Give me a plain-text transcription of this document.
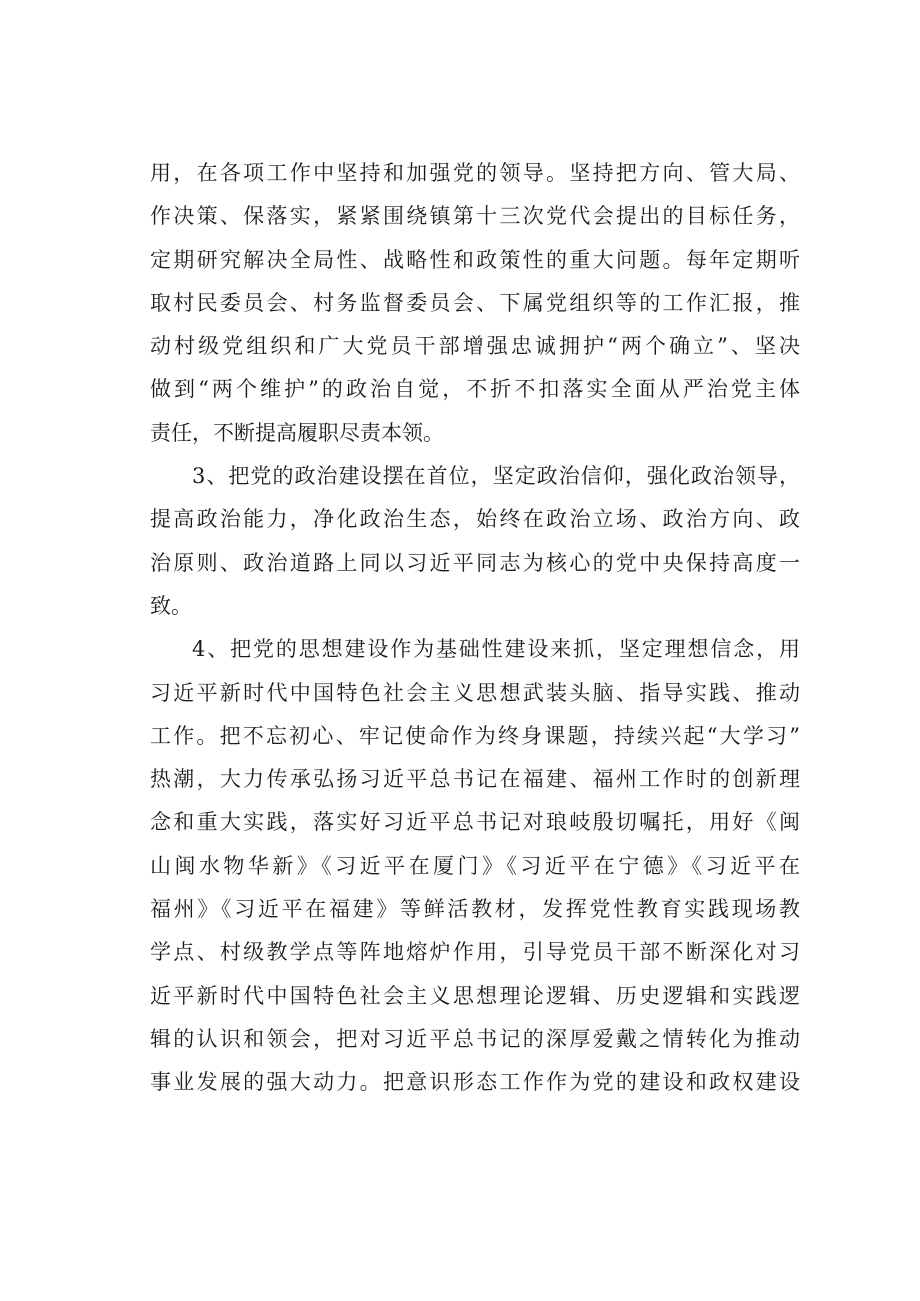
用，在各项工作中坚持和加强党的领导。坚持把方向、管大局、
作决策、保落实，紧紧围绕镇第十三次党代会提出的目标任务，
定期研究解决全局性、战略性和政策性的重大问题。每年定期听
取村民委员会、村务监督委员会、下属党组织等的工作汇报，推
动村级党组织和广大党员干部增强忠诚拥护“两个确立”、坚决
做到“两个维护”的政治自觉，不折不扣落实全面从严治党主体
责任，不断提高履职尽责本领。
3、把党的政治建设摆在首位，坚定政治信仰，强化政治领导，
提高政治能力，净化政治生态，始终在政治立场、政治方向、政
治原则、政治道路上同以习近平同志为核心的党中央保持高度一
致。
4、把党的思想建设作为基础性建设来抓，坚定理想信念，用
习近平新时代中国特色社会主义思想武装头脑、指导实践、推动
工作。把不忘初心、牢记使命作为终身课题，持续兴起“大学习”
热潮，大力传承弘扬习近平总书记在福建、福州工作时的创新理
念和重大实践，落实好习近平总书记对琅岐殷切嘱托，用好《闽
山闽水物华新》《习近平在厦门》《习近平在宁德》《习近平在
福州》《习近平在福建》等鲜活教材，发挥党性教育实践现场教
学点、村级教学点等阵地熔炉作用，引导党员干部不断深化对习
近平新时代中国特色社会主义思想理论逻辑、历史逻辑和实践逻
辑的认识和领会，把对习近平总书记的深厚爱戴之情转化为推动
事业发展的强大动力。把意识形态工作作为党的建设和政权建设
